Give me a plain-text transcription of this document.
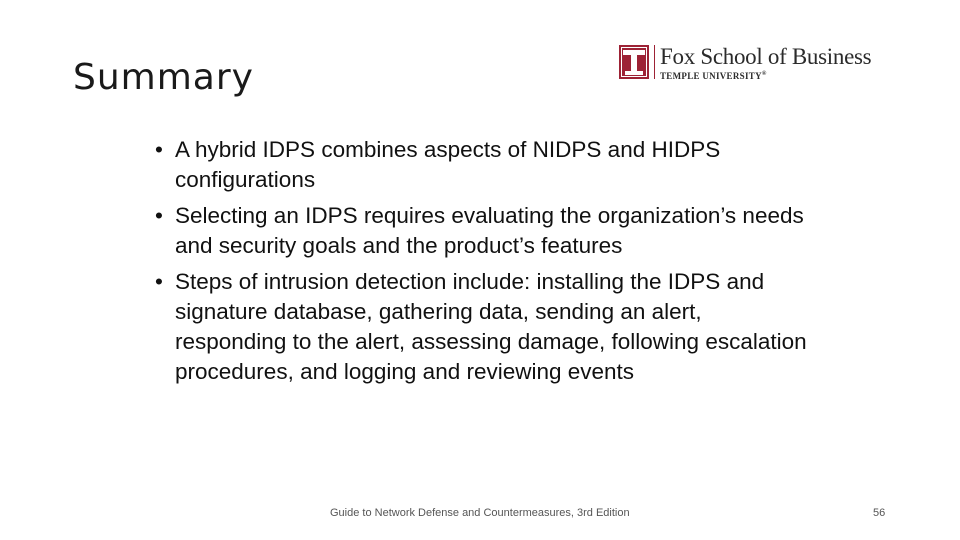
Summary
Fox School of Business
TEMPLE UNIVERSITY®
• A hybrid IDPS combines aspects of NIDPS and HIDPS configurations
• Selecting an IDPS requires evaluating the organization’s needs and security goals and the product’s features
• Steps of intrusion detection include: installing the IDPS and signature database, gathering data, sending an alert, responding to the alert, assessing damage, following escalation procedures, and logging and reviewing events
Guide to Network Defense and Countermeasures, 3rd Edition	56
